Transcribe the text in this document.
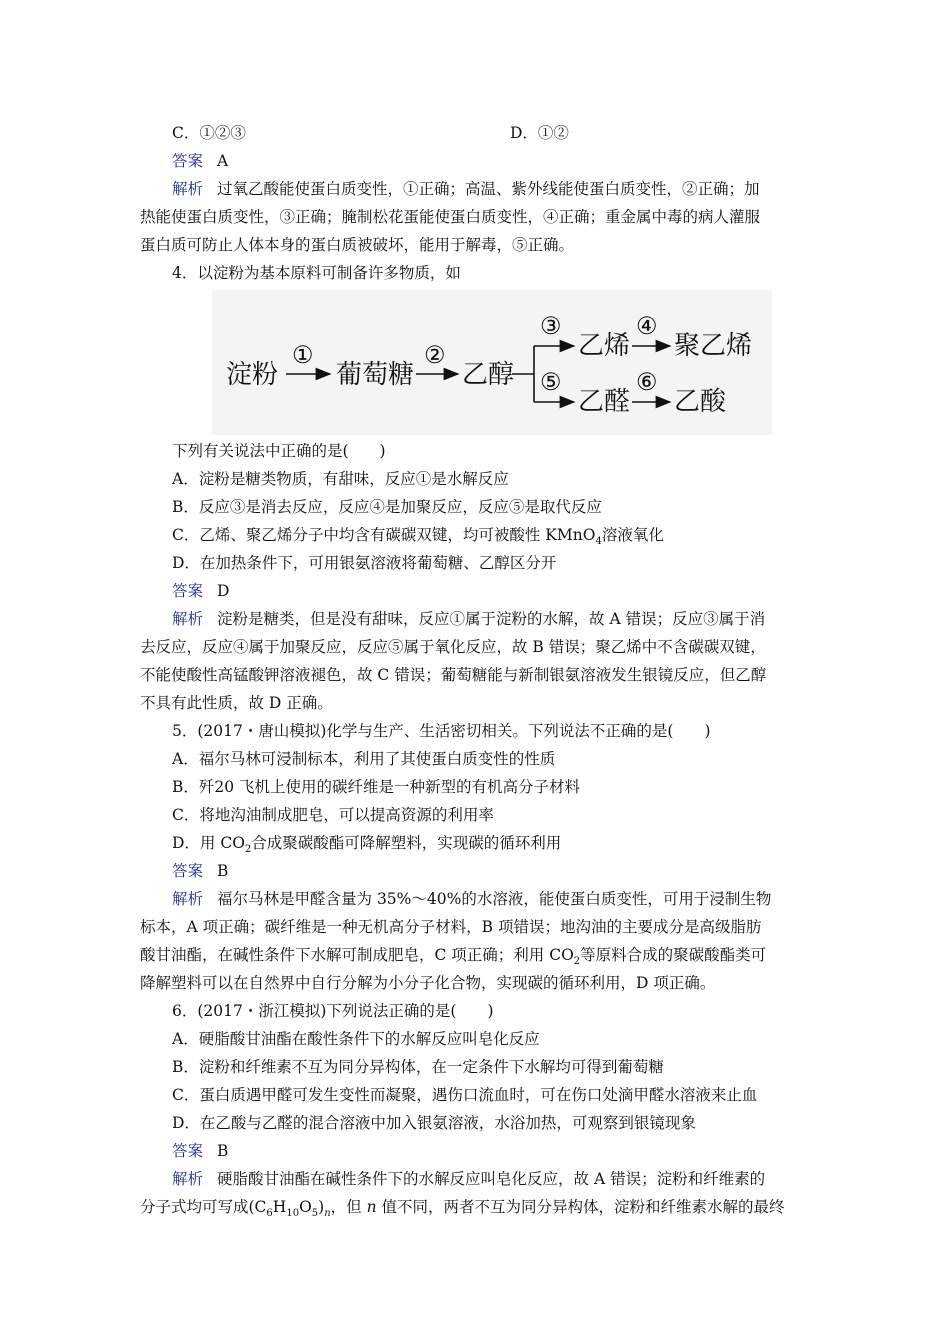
C．①②③	D．①②
答案 A
解析 过氧乙酸能使蛋白质变性，①正确；高温、紫外线能使蛋白质变性，②正确；加
热能使蛋白质变性，③正确；腌制松花蛋能使蛋白质变性，④正确；重金属中毒的病人灌服
蛋白质可防止人体本身的蛋白质被破坏，能用于解毒，⑤正确。
4．以淀粉为基本原料可制备许多物质，如
淀粉
①
葡萄糖
②
乙醇
③
乙烯
④
聚乙烯
⑤
乙醛
⑥
乙酸
下列有关说法中正确的是(　　)
A．淀粉是糖类物质，有甜味，反应①是水解反应
B．反应③是消去反应，反应④是加聚反应，反应⑤是取代反应
C．乙烯、聚乙烯分子中均含有碳碳双键，均可被酸性 KMnO$_4$溶液氧化
D．在加热条件下，可用银氨溶液将葡萄糖、乙醇区分开
答案 D
解析 淀粉是糖类，但是没有甜味，反应①属于淀粉的水解，故 A 错误；反应③属于消
去反应，反应④属于加聚反应，反应⑤属于氧化反应，故 B 错误；聚乙烯中不含碳碳双键，
不能使酸性高锰酸钾溶液褪色，故 C 错误；葡萄糖能与新制银氨溶液发生银镜反应，但乙醇
不具有此性质，故 D 正确。
5．(2017・唐山模拟)化学与生产、生活密切相关。下列说法不正确的是(　　)
A．福尔马林可浸制标本，利用了其使蛋白质变性的性质
B．歼20 飞机上使用的碳纤维是一种新型的有机高分子材料
C．将地沟油制成肥皂，可以提高资源的利用率
D．用 $CO_2$合成聚碳酸酯可降解塑料，实现碳的循环利用
答案 B
解析 福尔马林是甲醛含量为 35%～40%的水溶液，能使蛋白质变性，可用于浸制生物
标本，A 项正确；碳纤维是一种无机高分子材料，B 项错误；地沟油的主要成分是高级脂肪
酸甘油酯，在碱性条件下水解可制成肥皂，C 项正确；利用 $CO_2$等原料合成的聚碳酸酯类可
降解塑料可以在自然界中自行分解为小分子化合物，实现碳的循环利用，D 项正确。
6．(2017・浙江模拟)下列说法正确的是(　　)
A．硬脂酸甘油酯在酸性条件下的水解反应叫皂化反应
B．淀粉和纤维素不互为同分异构体，在一定条件下水解均可得到葡萄糖
C．蛋白质遇甲醛可发生变性而凝聚，遇伤口流血时，可在伤口处滴甲醛水溶液来止血
D．在乙酸与乙醛的混合溶液中加入银氨溶液，水浴加热，可观察到银镜现象
答案 B
解析 硬脂酸甘油酯在碱性条件下的水解反应叫皂化反应，故 A 错误；淀粉和纤维素的
分子式均可写成$(C_6H_{10}O_5)_n$，但 n 值不同，两者不互为同分异构体，淀粉和纤维素水解的最终
